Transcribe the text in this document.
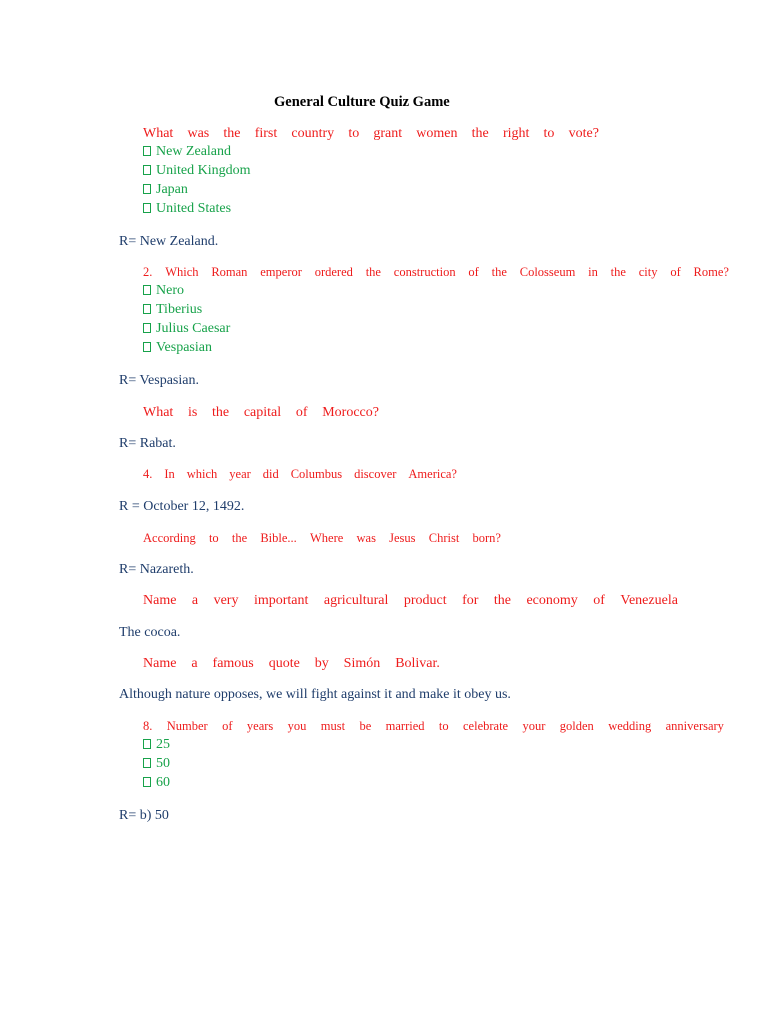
General Culture Quiz Game
What was the first country to grant women the right to vote?
New Zealand
United Kingdom
Japan
United States
R= New Zealand.
2. Which Roman emperor ordered the construction of the Colosseum in the city of Rome?
Nero
Tiberius
Julius Caesar
Vespasian
R= Vespasian.
What is the capital of Morocco?
R= Rabat.
4. In which year did Columbus discover America?
R = October 12, 1492.
According to the Bible... Where was Jesus Christ born?
R= Nazareth.
Name a very important agricultural product for the economy of Venezuela
The cocoa.
Name a famous quote by Simón Bolivar.
Although nature opposes, we will fight against it and make it obey us.
8. Number of years you must be married to celebrate your golden wedding anniversary
25
50
60
R= b) 50
